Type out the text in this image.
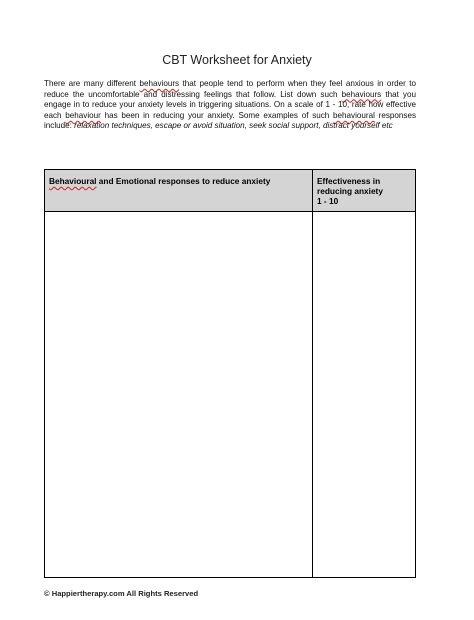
CBT Worksheet for Anxiety
There are many different behaviours that people tend to perform when they feel anxious in order to reduce the uncomfortable and distressing feelings that follow. List down such behaviours that you engage in to reduce your anxiety levels in triggering situations. On a scale of 1 - 10, rate how effective each behaviour has been in reducing your anxiety. Some examples of such behavioural responses include: relaxation techniques, escape or avoid situation, seek social support, distract yourself etc
Behavioural and Emotional responses to reduce anxiety	Effectiveness in
reducing anxiety
1 - 10
© Happiertherapy.com All Rights Reserved
